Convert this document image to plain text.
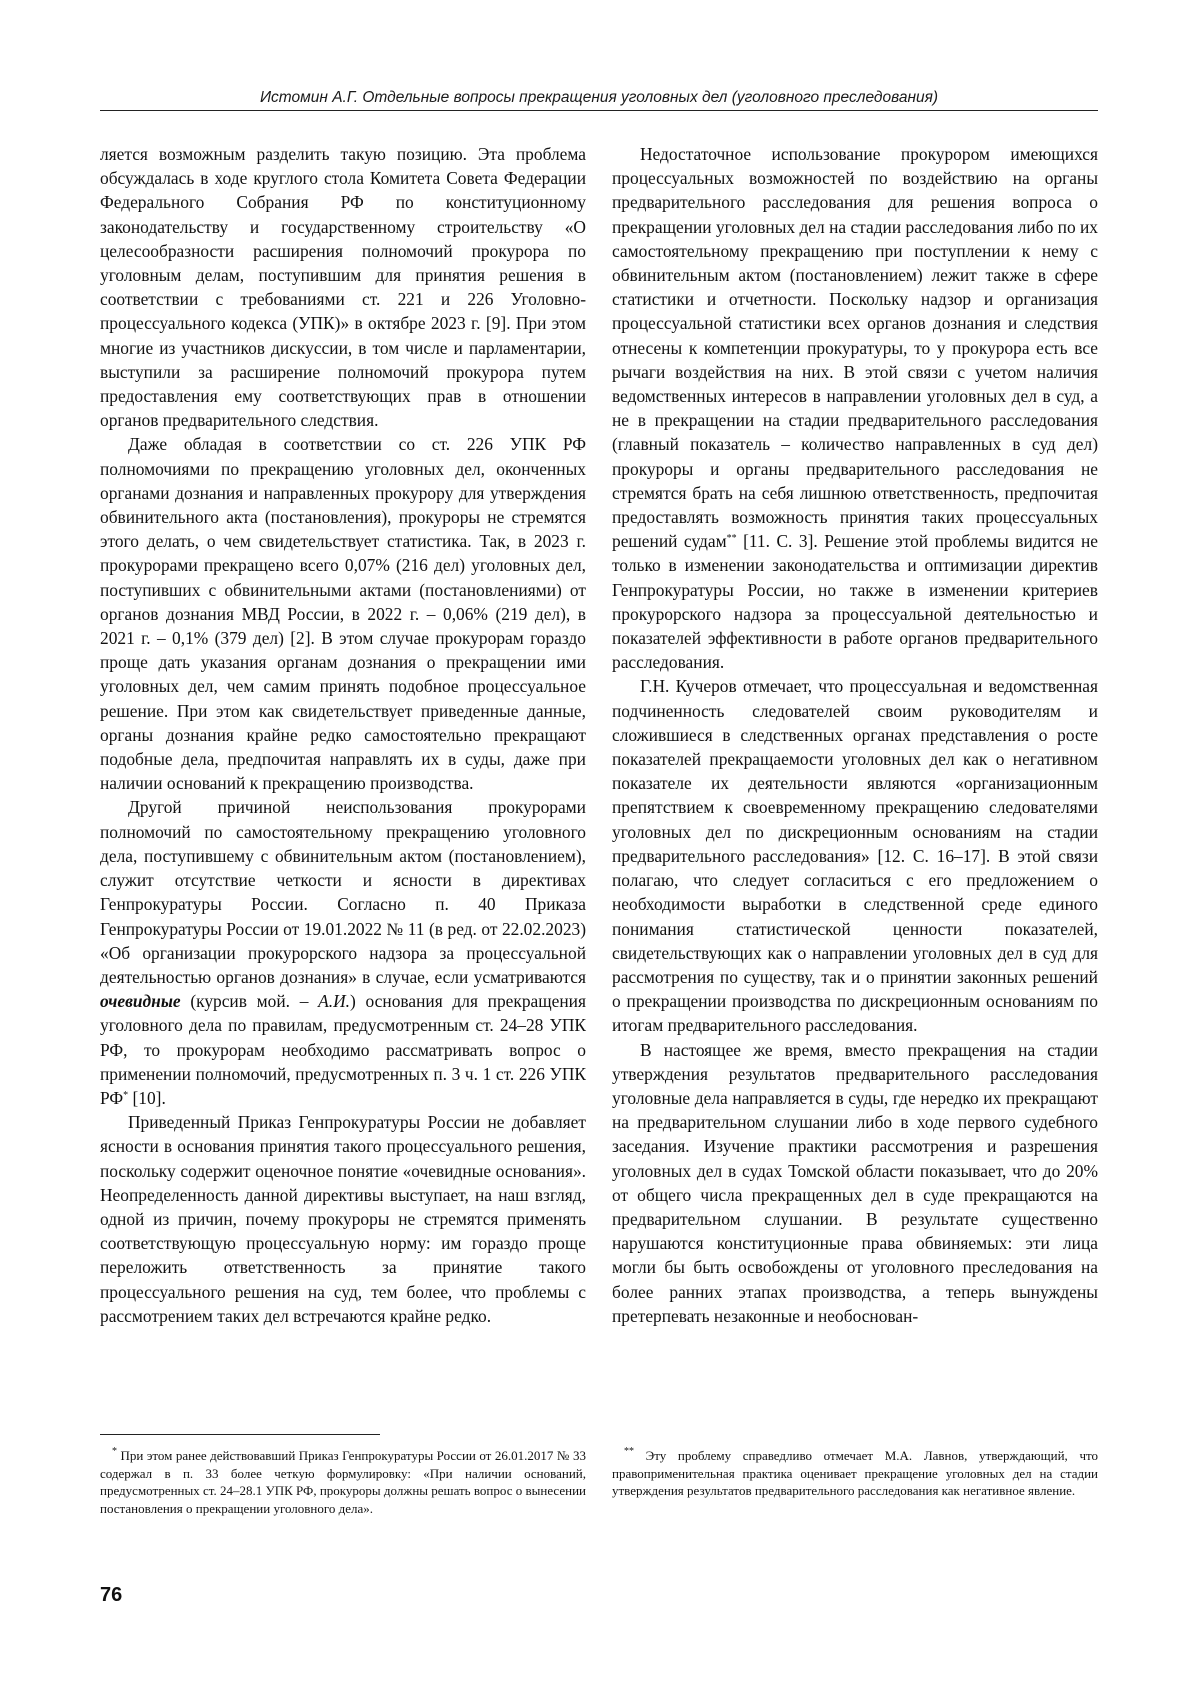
Истомин А.Г. Отдельные вопросы прекращения уголовных дел (уголовного преследования)

ляется возможным разделить такую позицию. Эта проблема обсуждалась в ходе круглого стола Комитета Совета Федерации Федерального Собрания РФ по конституционному законодательству и государственному строительству «О целесообразности расширения полномочий прокурора по уголовным делам, поступившим для принятия решения в соответствии с требованиями ст. 221 и 226 Уголовно-процессуального кодекса (УПК)» в октябре 2023 г. [9]. При этом многие из участников дискуссии, в том числе и парламентарии, выступили за расширение полномочий прокурора путем предоставления ему соответствующих прав в отношении органов предварительного следствия.

Даже обладая в соответствии со ст. 226 УПК РФ полномочиями по прекращению уголовных дел, оконченных органами дознания и направленных прокурору для утверждения обвинительного акта (постановления), прокуроры не стремятся этого делать, о чем свидетельствует статистика. Так, в 2023 г. прокурорами прекращено всего 0,07% (216 дел) уголовных дел, поступивших с обвинительными актами (постановлениями) от органов дознания МВД России, в 2022 г. – 0,06% (219 дел), в 2021 г. – 0,1% (379 дел) [2]. В этом случае прокурорам гораздо проще дать указания органам дознания о прекращении ими уголовных дел, чем самим принять подобное процессуальное решение. При этом как свидетельствует приведенные данные, органы дознания крайне редко самостоятельно прекращают подобные дела, предпочитая направлять их в суды, даже при наличии оснований к прекращению производства.

Другой причиной неиспользования прокурорами полномочий по самостоятельному прекращению уголовного дела, поступившему с обвинительным актом (постановлением), служит отсутствие четкости и ясности в директивах Генпрокуратуры России. Согласно п. 40 Приказа Генпрокуратуры России от 19.01.2022 № 11 (в ред. от 22.02.2023) «Об организации прокурорского надзора за процессуальной деятельностью органов дознания» в случае, если усматриваются очевидные (курсив мой. – А.И.) основания для прекращения уголовного дела по правилам, предусмотренным ст. 24–28 УПК РФ, то прокурорам необходимо рассматривать вопрос о применении полномочий, предусмотренных п. 3 ч. 1 ст. 226 УПК РФ* [10].

Приведенный Приказ Генпрокуратуры России не добавляет ясности в основания принятия такого процессуального решения, поскольку содержит оценочное понятие «очевидные основания». Неопределенность данной директивы выступает, на наш взгляд, одной из причин, почему прокуроры не стремятся применять соответствующую процессуальную норму: им гораздо проще переложить ответственность за принятие такого процессуального решения на суд, тем более, что проблемы с рассмотрением таких дел встречаются крайне редко.

Недостаточное использование прокурором имеющихся процессуальных возможностей по воздействию на органы предварительного расследования для решения вопроса о прекращении уголовных дел на стадии расследования либо по их самостоятельному прекращению при поступлении к нему с обвинительным актом (постановлением) лежит также в сфере статистики и отчетности. Поскольку надзор и организация процессуальной статистики всех органов дознания и следствия отнесены к компетенции прокуратуры, то у прокурора есть все рычаги воздействия на них. В этой связи с учетом наличия ведомственных интересов в направлении уголовных дел в суд, а не в прекращении на стадии предварительного расследования (главный показатель – количество направленных в суд дел) прокуроры и органы предварительного расследования не стремятся брать на себя лишнюю ответственность, предпочитая предоставлять возможность принятия таких процессуальных решений судам** [11. С. 3]. Решение этой проблемы видится не только в изменении законодательства и оптимизации директив Генпрокуратуры России, но также в изменении критериев прокурорского надзора за процессуальной деятельностью и показателей эффективности в работе органов предварительного расследования.

Г.Н. Кучеров отмечает, что процессуальная и ведомственная подчиненность следователей своим руководителям и сложившиеся в следственных органах представления о росте показателей прекращаемости уголовных дел как о негативном показателе их деятельности являются «организационным препятствием к своевременному прекращению следователями уголовных дел по дискреционным основаниям на стадии предварительного расследования» [12. С. 16–17]. В этой связи полагаю, что следует согласиться с его предложением о необходимости выработки в следственной среде единого понимания статистической ценности показателей, свидетельствующих как о направлении уголовных дел в суд для рассмотрения по существу, так и о принятии законных решений о прекращении производства по дискреционным основаниям по итогам предварительного расследования.

В настоящее же время, вместо прекращения на стадии утверждения результатов предварительного расследования уголовные дела направляется в суды, где нередко их прекращают на предварительном слушании либо в ходе первого судебного заседания. Изучение практики рассмотрения и разрешения уголовных дел в судах Томской области показывает, что до 20% от общего числа прекращенных дел в суде прекращаются на предварительном слушании. В результате существенно нарушаются конституционные права обвиняемых: эти лица могли бы быть освобождены от уголовного преследования на более ранних этапах производства, а теперь вынуждены претерпевать незаконные и необоснован-

* При этом ранее действовавший Приказ Генпрокуратуры России от 26.01.2017 № 33 содержал в п. 33 более четкую формулировку: «При наличии оснований, предусмотренных ст. 24–28.1 УПК РФ, прокуроры должны решать вопрос о вынесении постановления о прекращении уголовного дела».

** Эту проблему справедливо отмечает М.А. Лавнов, утверждающий, что правоприменительная практика оценивает прекращение уголовных дел на стадии утверждения результатов предварительного расследования как негативное явление.

76
